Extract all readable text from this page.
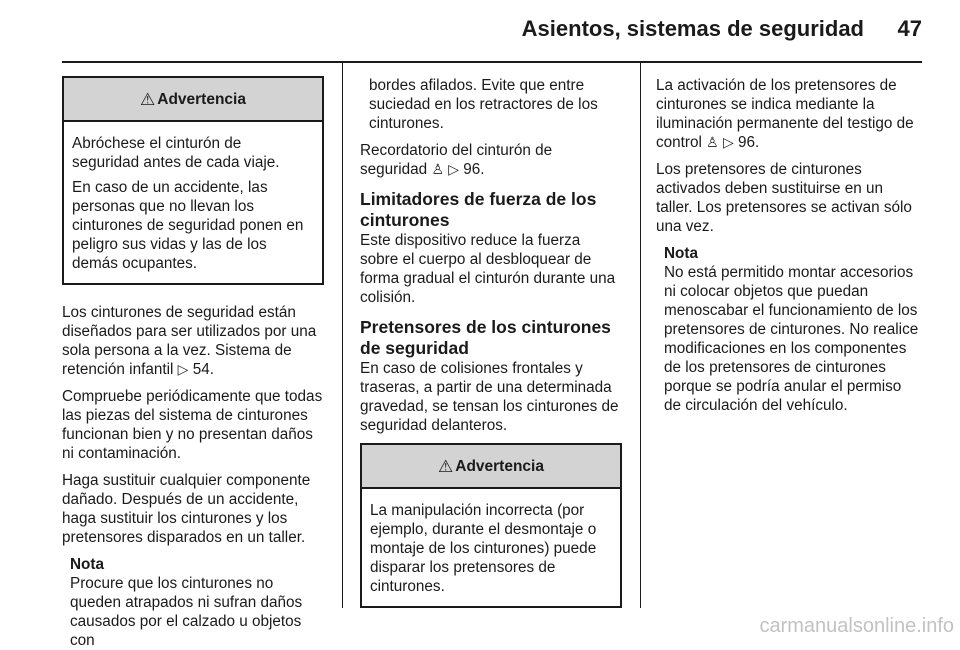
Asientos, sistemas de seguridad 47
⚠ Advertencia

Abróchese el cinturón de seguridad antes de cada viaje.

En caso de un accidente, las personas que no llevan los cinturones de seguridad ponen en peligro sus vidas y las de los demás ocupantes.

Los cinturones de seguridad están diseñados para ser utilizados por una sola persona a la vez. Sistema de retención infantil ▷ 54.

Compruebe periódicamente que todas las piezas del sistema de cinturones funcionan bien y no presentan daños ni contaminación.

Haga sustituir cualquier componente dañado. Después de un accidente, haga sustituir los cinturones y los pretensores disparados en un taller.

Nota
Procure que los cinturones no queden atrapados ni sufran daños causados por el calzado u objetos con

bordes afilados. Evite que entre suciedad en los retractores de los cinturones.

Recordatorio del cinturón de seguridad ♙ ▷ 96.

Limitadores de fuerza de los cinturones

Este dispositivo reduce la fuerza sobre el cuerpo al desbloquear de forma gradual el cinturón durante una colisión.

Pretensores de los cinturones de seguridad

En caso de colisiones frontales y traseras, a partir de una determinada gravedad, se tensan los cinturones de seguridad delanteros.

⚠ Advertencia

La manipulación incorrecta (por ejemplo, durante el desmontaje o montaje de los cinturones) puede disparar los pretensores de cinturones.

La activación de los pretensores de cinturones se indica mediante la iluminación permanente del testigo de control ♙ ▷ 96.

Los pretensores de cinturones activados deben sustituirse en un taller. Los pretensores se activan sólo una vez.

Nota
No está permitido montar accesorios ni colocar objetos que puedan menoscabar el funcionamiento de los pretensores de cinturones. No realice modificaciones en los componentes de los pretensores de cinturones porque se podría anular el permiso de circulación del vehículo.
carmanualsonline.info
